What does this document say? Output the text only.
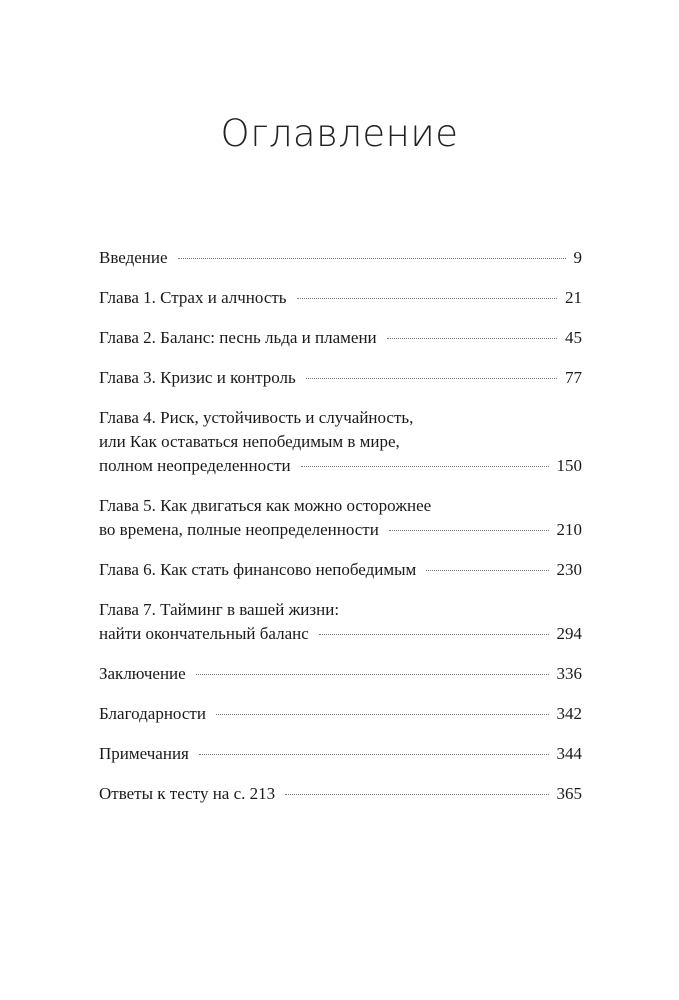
Оглавление
Введение	9
Глава 1. Страх и алчность	21
Глава 2. Баланс: песнь льда и пламени	45
Глава 3. Кризис и контроль	77
Глава 4. Риск, устойчивость и случайность,
или Как оставаться непобедимым в мире,
полном неопределенности	150
Глава 5. Как двигаться как можно осторожнее
во времена, полные неопределенности	210
Глава 6. Как стать финансово непобедимым	230
Глава 7. Тайминг в вашей жизни:
найти окончательный баланс	294
Заключение	336
Благодарности	342
Примечания	344
Ответы к тесту на с. 213	365
